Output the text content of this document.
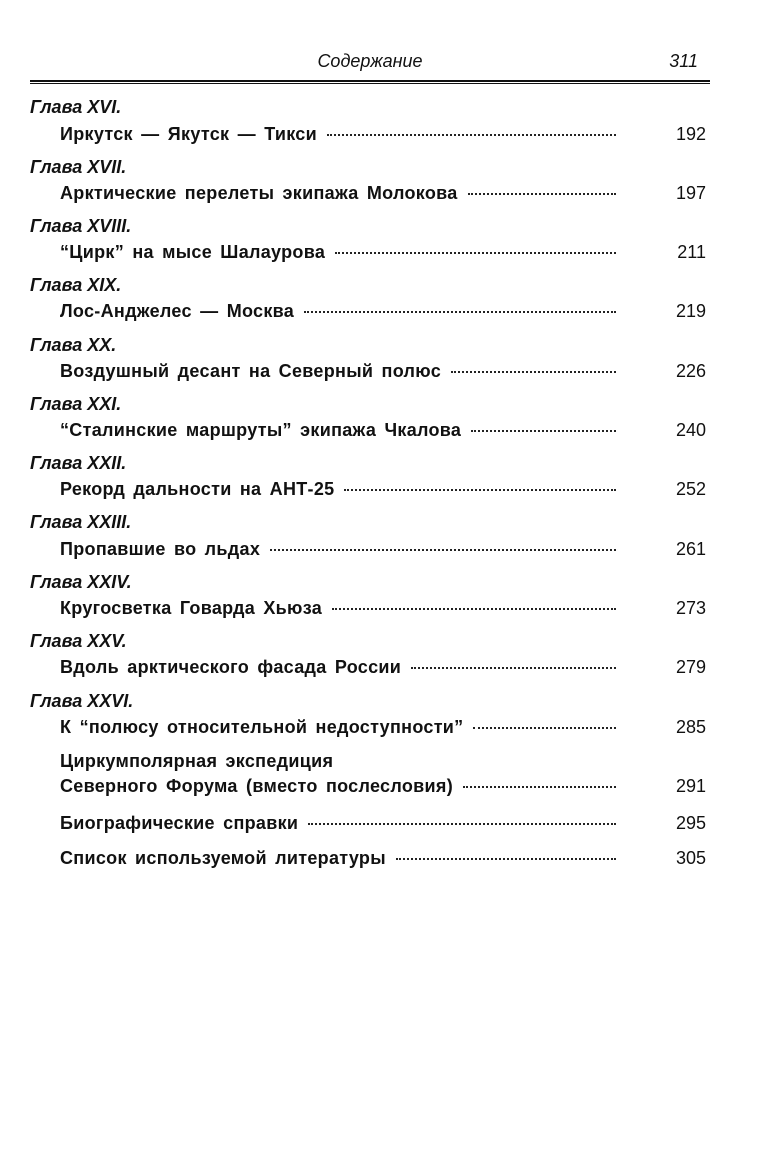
Содержание	311
Глава XVI.
Иркутск — Якутск — Тикси	192
Глава XVII.
Арктические перелеты экипажа Молокова	197
Глава XVIII.
“Цирк” на мысе Шалаурова	211
Глава XIX.
Лос-Анджелес — Москва	219
Глава XX.
Воздушный десант на Северный полюс	226
Глава XXI.
“Сталинские маршруты” экипажа Чкалова	240
Глава XXII.
Рекорд дальности на АНТ-25	252
Глава XXIII.
Пропавшие во льдах	261
Глава XXIV.
Кругосветка Говарда Хьюза	273
Глава XXV.
Вдоль арктического фасада России	279
Глава XXVI.
К “полюсу относительной недоступности”	285
Циркумполярная экспедиция
Северного Форума (вместо послесловия)	291
Биографические справки	295
Список используемой литературы	305
